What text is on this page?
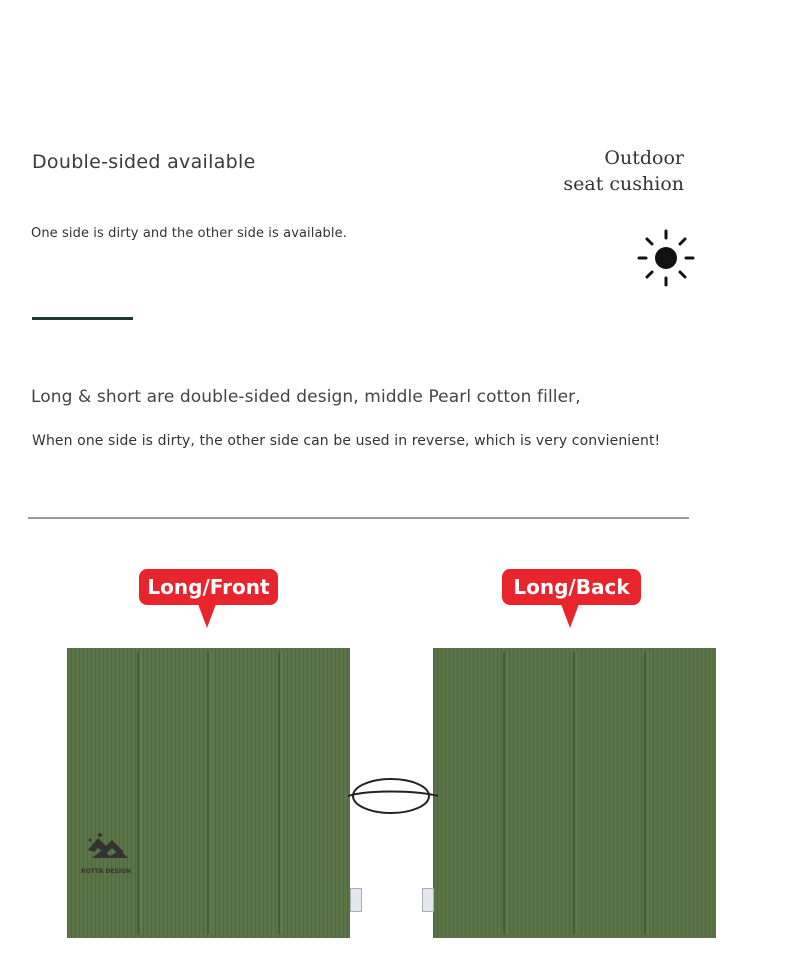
Double-sided available
One side is dirty and the other side is available.
Outdoor
seat cushion
Long & short are double-sided design, middle Pearl cotton filler,
When one side is dirty, the other side can be used in reverse, which is very convienient!
Long/Front	Long/Back
ROTTA DESIGN
